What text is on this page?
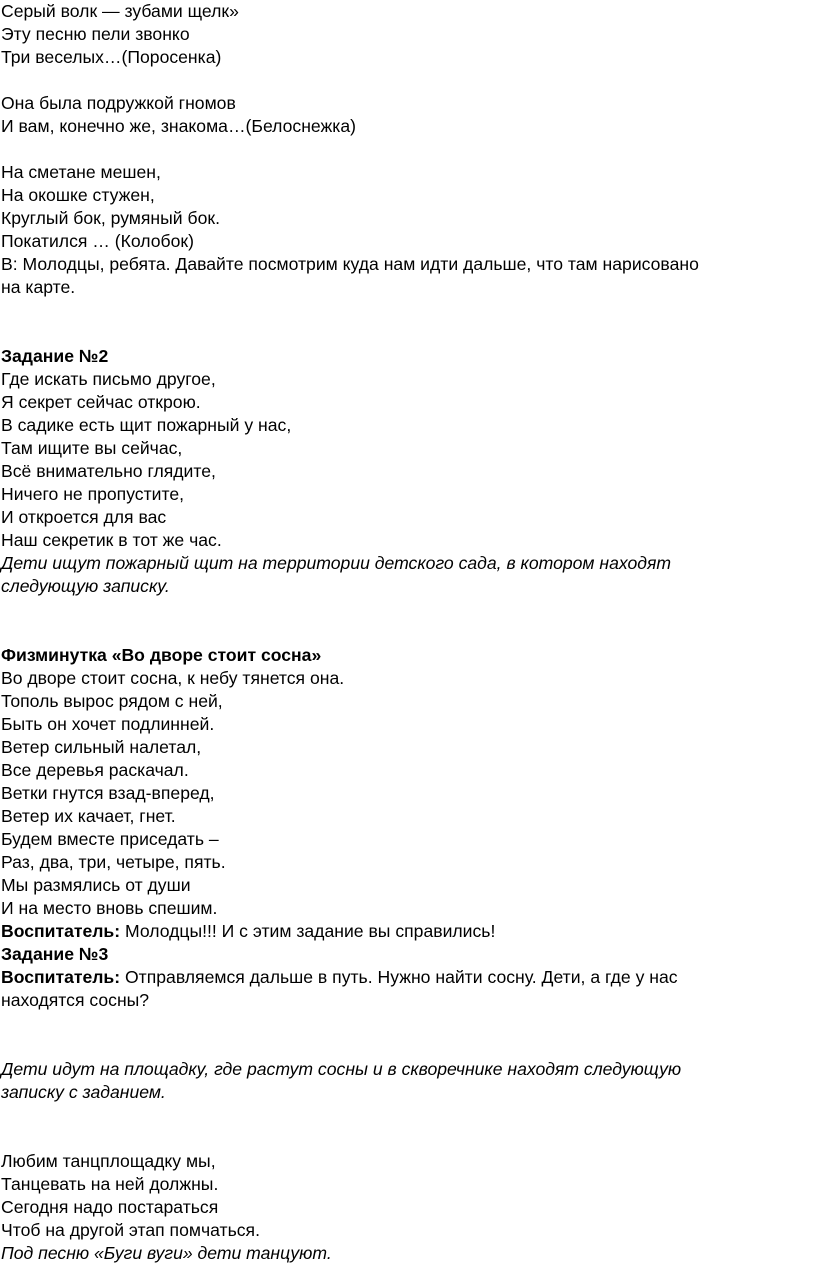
Серый волк — зубами щелк»
Эту песню пели звонко
Три веселых…(Поросенка)
Она была подружкой гномов
И вам, конечно же, знакома…(Белоснежка)
На сметане мешен,
На окошке стужен,
Круглый бок, румяный бок.
Покатился … (Колобок)
В: Молодцы, ребята. Давайте посмотрим куда нам идти дальше, что там нарисовано
на карте.
Задание №2
Где искать письмо другое,
Я секрет сейчас открою.
В садике есть щит пожарный у нас,
Там ищите вы сейчас,
Всё внимательно глядите,
Ничего не пропустите,
И откроется для вас
Наш секретик в тот же час.
Дети ищут пожарный щит на территории детского сада, в котором находят
следующую записку.
Физминутка «Во дворе стоит сосна»
Во дворе стоит сосна, к небу тянется она.
Тополь вырос рядом с ней,
Быть он хочет подлинней.
Ветер сильный налетал,
Все деревья раскачал.
Ветки гнутся взад-вперед,
Ветер их качает, гнет.
Будем вместе приседать –
Раз, два, три, четыре, пять.
Мы размялись от души
И на место вновь спешим.
Воспитатель: Молодцы!!! И с этим задание вы справились!
Задание №3
Воспитатель: Отправляемся дальше в путь. Нужно найти сосну. Дети, а где у нас
находятся сосны?
Дети идут на площадку, где растут сосны и в скворечнике находят следующую
записку с заданием.
Любим танцплощадку мы,
Танцевать на ней должны.
Сегодня надо постараться
Чтоб на другой этап помчаться.
Под песню «Буги вуги» дети танцуют.
